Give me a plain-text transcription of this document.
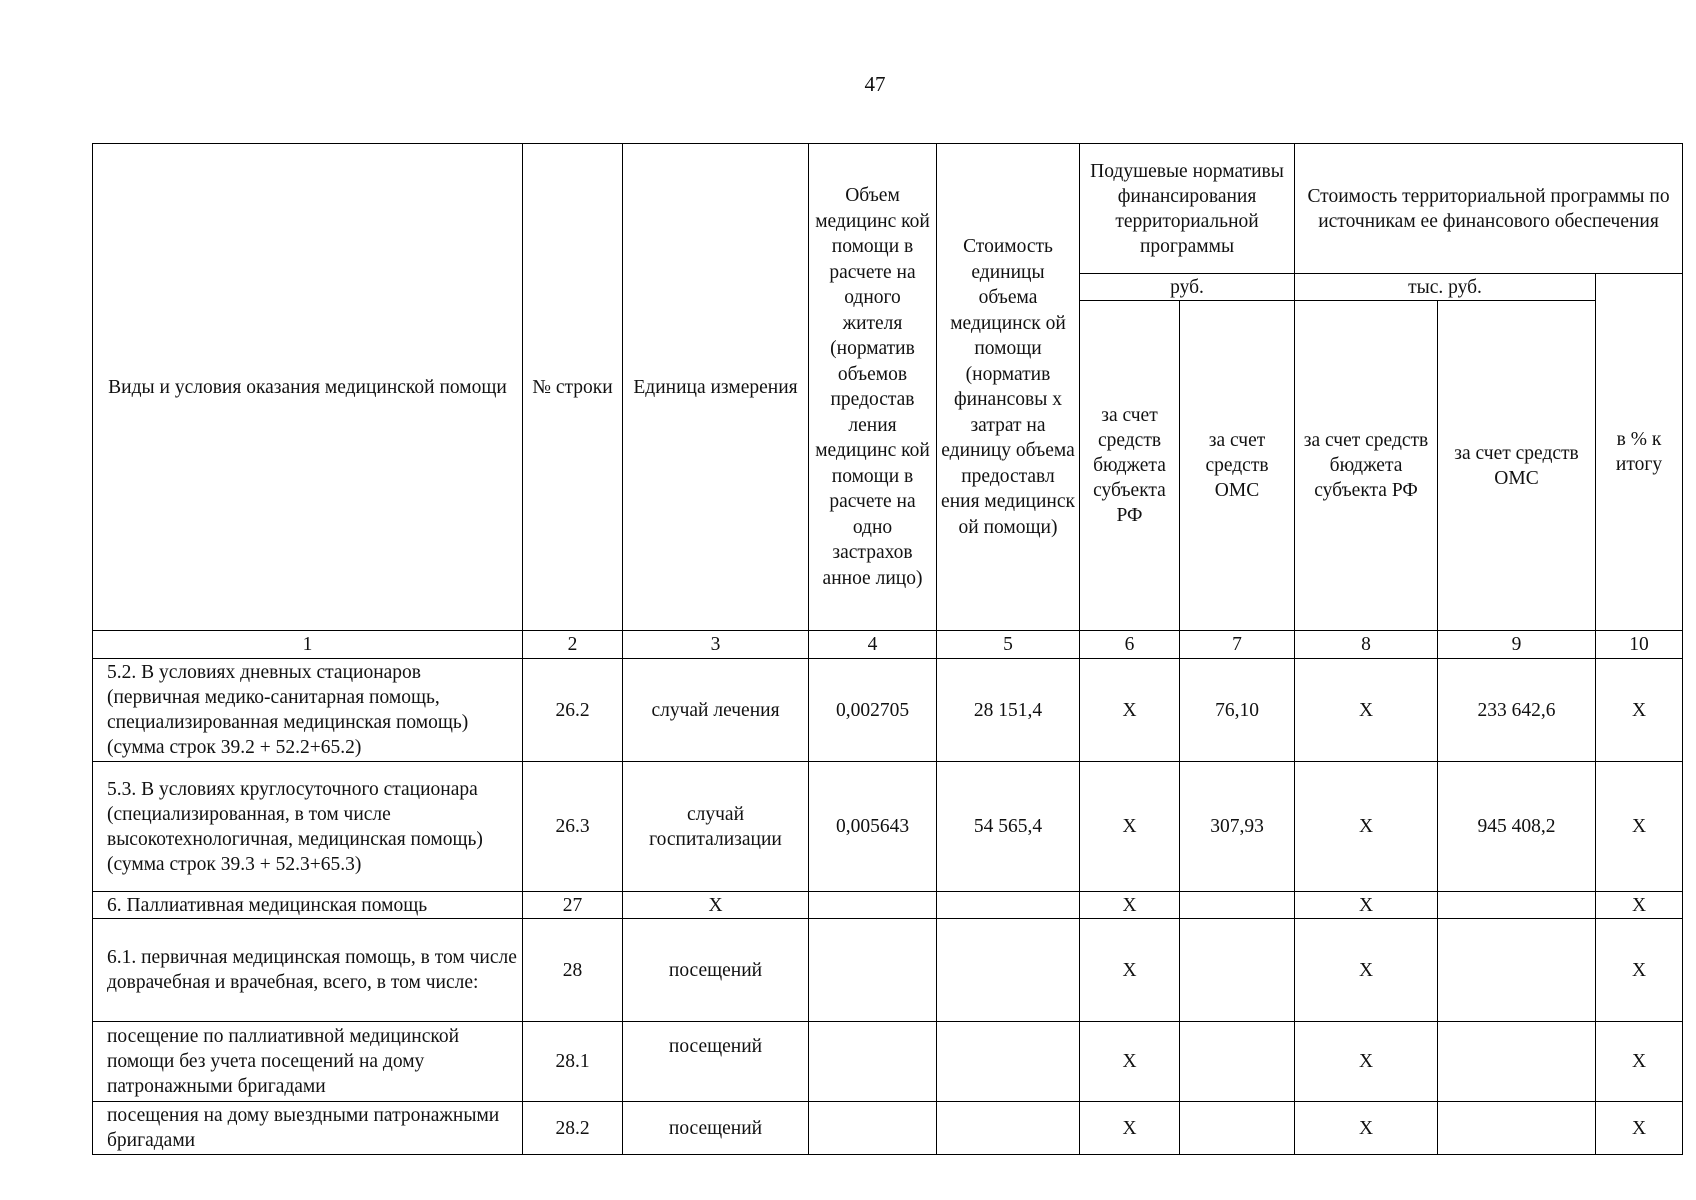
47
Виды и условия оказания медицинской помощи	№ строки	Единица измерения	Объем медицинс кой помощи в расчете на одного жителя (норматив объемов предостав ления медицинс кой помощи в расчете на одно застрахов анное лицо)	Стоимость единицы объема медицинск ой помощи (норматив финансовы х затрат на единицу объема предоставл ения медицинск ой помощи)	Подушевые нормативы финансирования территориальной программы		Стоимость территориальной программы по источникам ее финансового обеспечения		
					руб.		тыс. руб.		в % к итогу
					за счет средств бюджета субъекта РФ	за счет средств ОМС	за счет средств бюджета субъекта РФ	за счет средств ОМС	
1	2	3	4	5	6	7	8	9	10
5.2. В условиях дневных стационаров (первичная медико-санитарная помощь, специализированная медицинская помощь) (сумма строк 39.2 + 52.2+65.2)	26.2	случай лечения	0,002705	28 151,4	X	76,10	X	233 642,6	X
5.3. В условиях круглосуточного стационара (специализированная, в том числе высокотехнологичная, медицинская помощь) (сумма строк 39.3 + 52.3+65.3)	26.3	случай госпитализации	0,005643	54 565,4	X	307,93	X	945 408,2	X
6. Паллиативная медицинская помощь	27	X			X		X		X
6.1. первичная медицинская помощь, в том числе доврачебная и врачебная, всего, в том числе:	28	посещений			X		X		X
посещение по паллиативной медицинской помощи без учета посещений на дому патронажными бригадами	28.1	посещений			X		X		X
посещения на дому выездными патронажными бригадами	28.2	посещений			X		X		X
